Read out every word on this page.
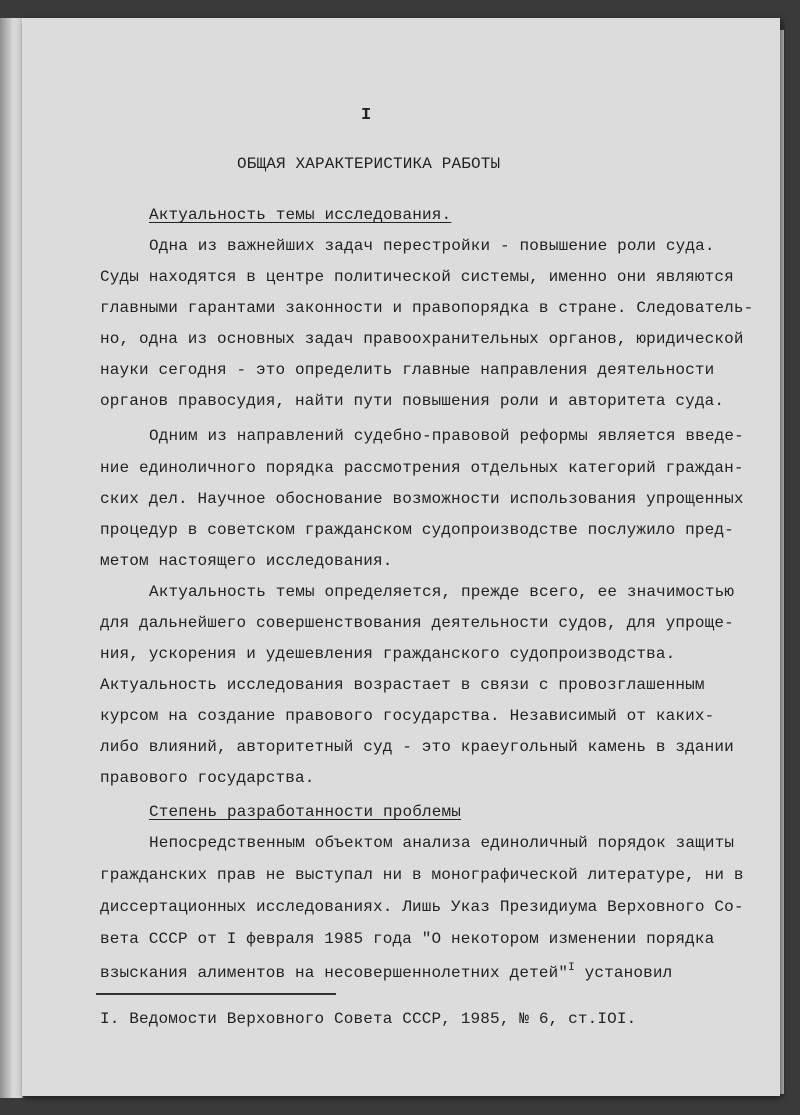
I
ОБЩАЯ ХАРАКТЕРИСТИКА РАБОТЫ
Актуальность темы исследования.
Одна из важнейших задач перестройки - повышение роли суда.
Суды находятся в центре политической системы, именно они являются
главными гарантами законности и правопорядка в стране. Следователь-
но, одна из основных задач правоохранительных органов, юридической
науки сегодня - это определить главные направления деятельности
органов правосудия, найти пути повышения роли и авторитета суда.
Одним из направлений судебно-правовой реформы является введе-
ние единоличного порядка рассмотрения отдельных категорий граждан-
ских дел. Научное обоснование возможности использования упрощенных
процедур в советском гражданском судопроизводстве послужило пред-
метом настоящего исследования.
Актуальность темы определяется, прежде всего, ее значимостью
для дальнейшего совершенствования деятельности судов, для упроще-
ния, ускорения и удешевления гражданского судопроизводства.
Актуальность исследования возрастает в связи с провозглашенным
курсом на создание правового государства. Независимый от каких-
либо влияний, авторитетный суд - это краеугольный камень в здании
правового государства.
Степень разработанности проблемы
Непосредственным объектом анализа единоличный порядок защиты
гражданских прав не выступал ни в монографической литературе, ни в
диссертационных исследованиях. Лишь Указ Президиума Верховного Со-
вета СССР от I февраля 1985 года "О некотором изменении порядка
взыскания алиментов на несовершеннолетних детей"$^I$ установил
I. Ведомости Верховного Совета СССР, 1985, № 6, ст.IOI.
